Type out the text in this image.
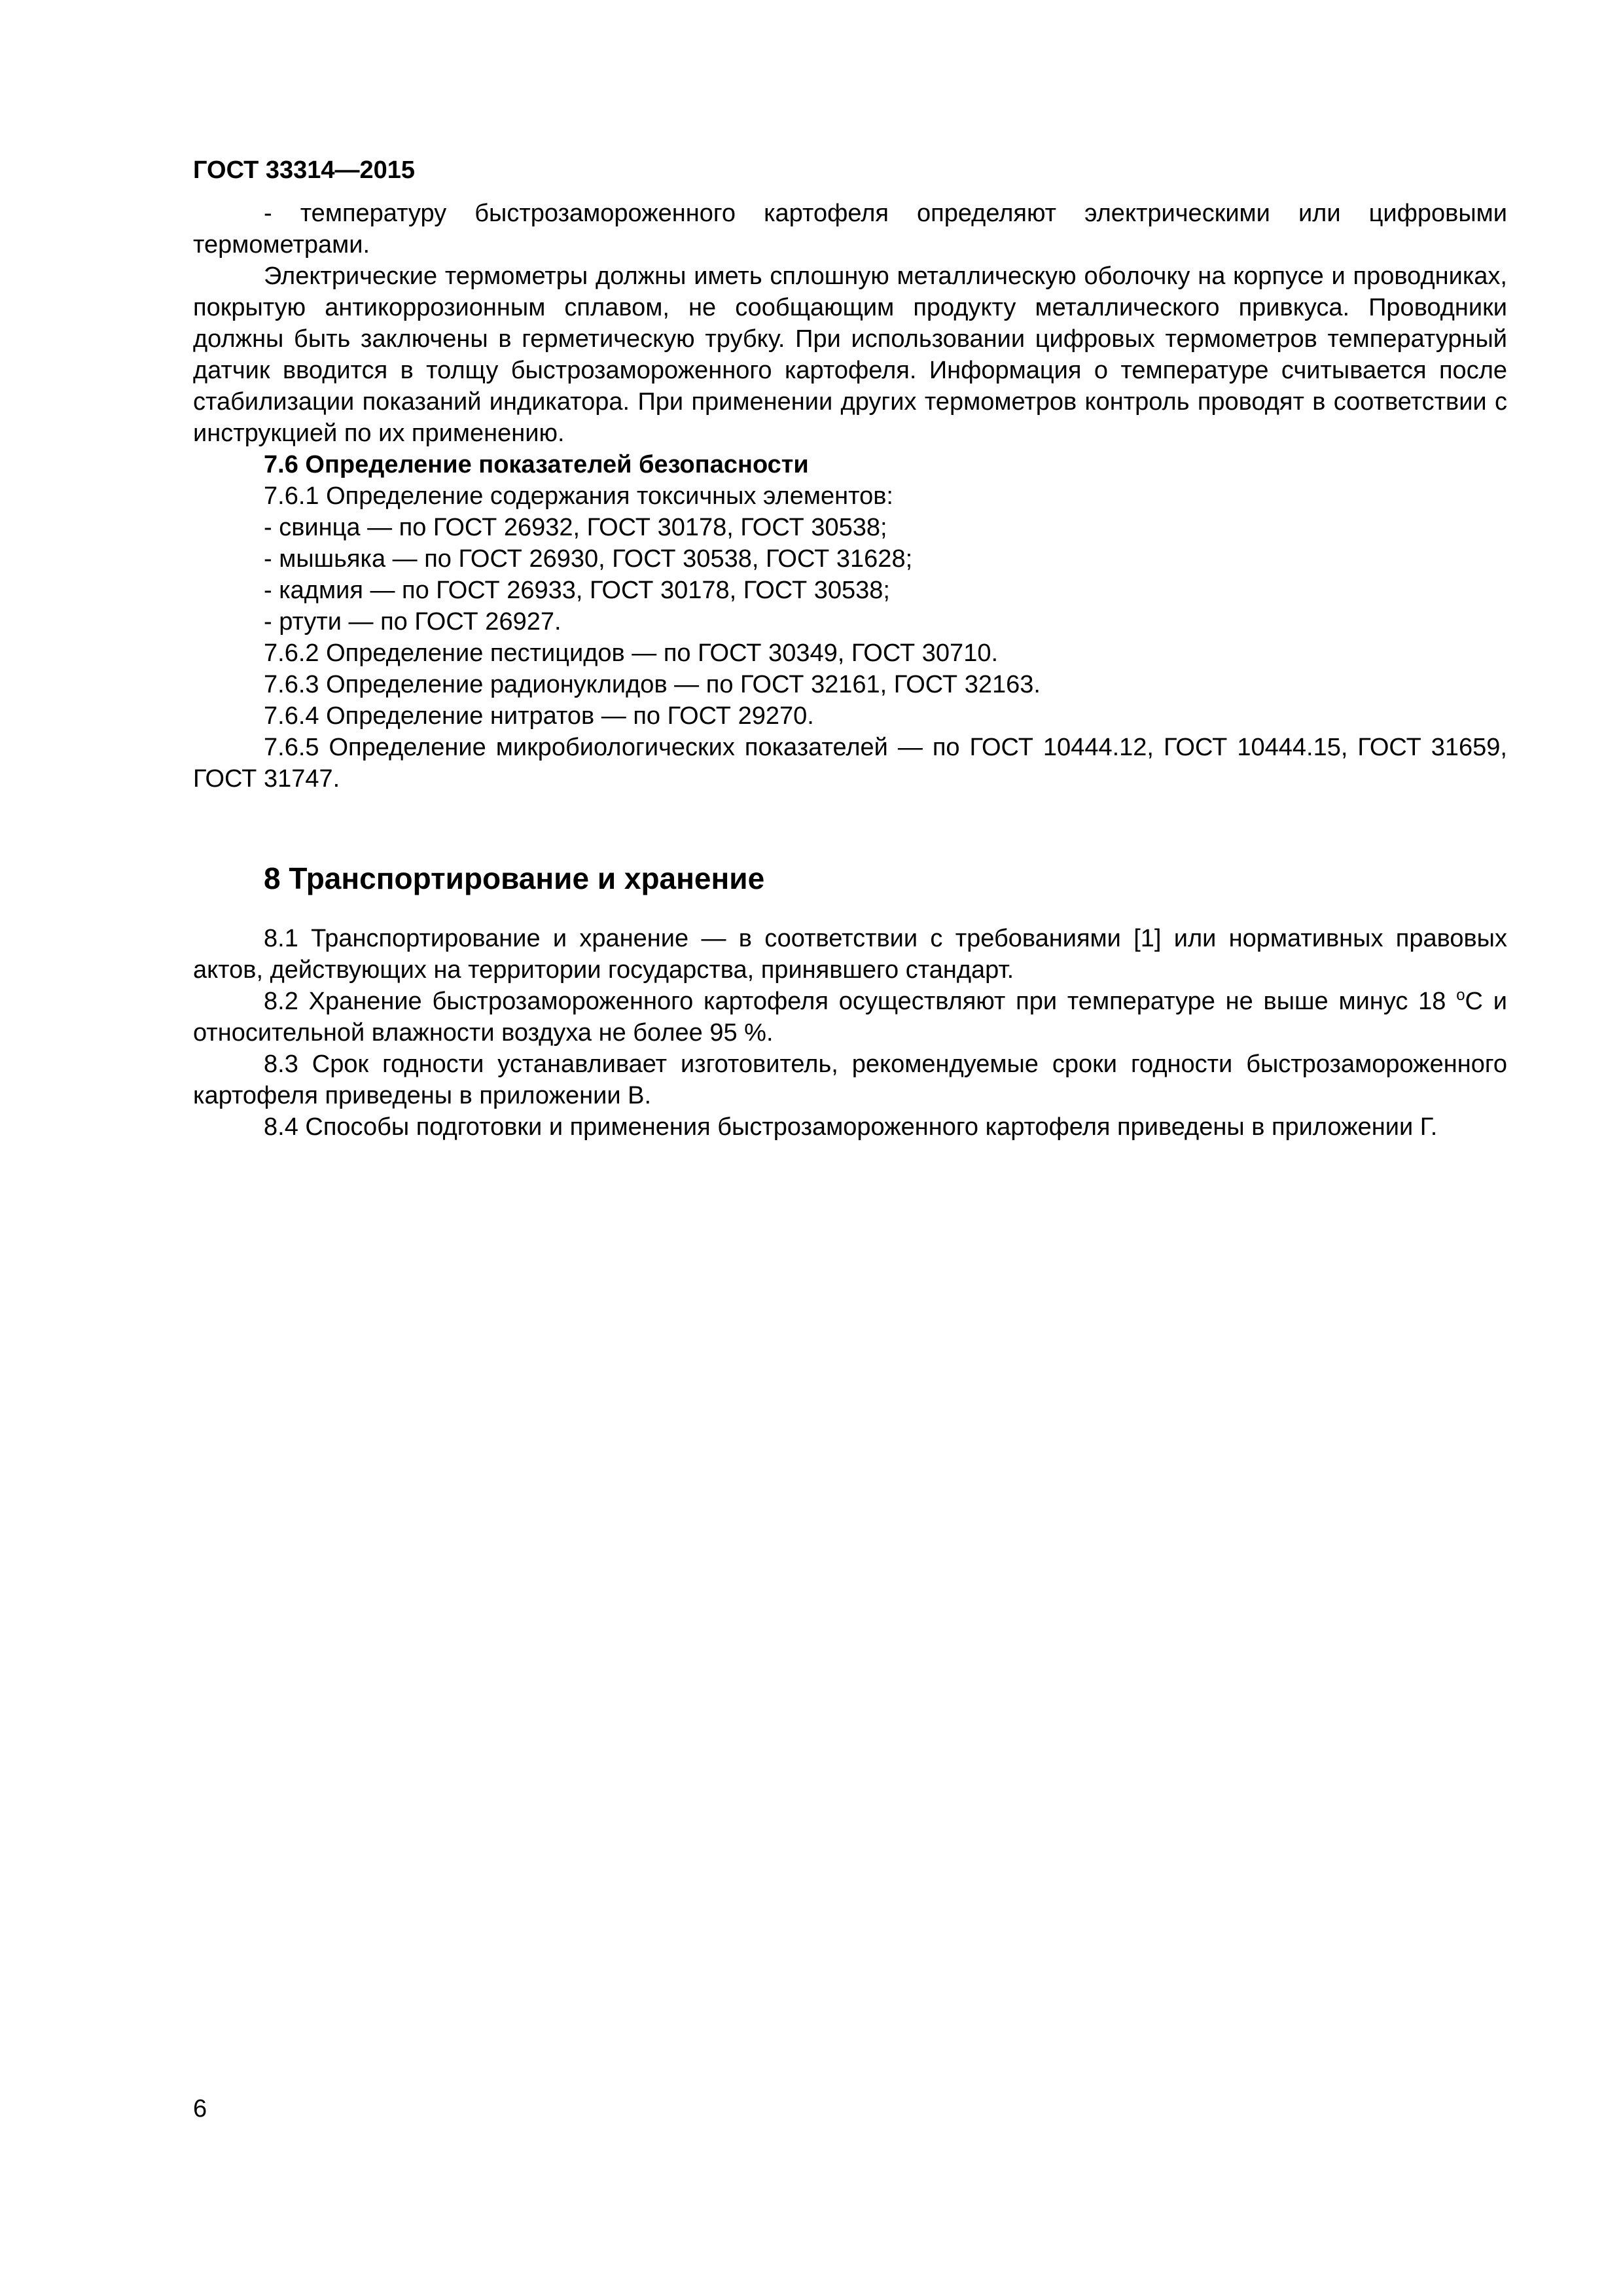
ГОСТ 33314—2015

- температуру быстрозамороженного картофеля определяют электрическими или цифровыми термометрами.

Электрические термометры должны иметь сплошную металлическую оболочку на корпусе и проводниках, покрытую антикоррозионным сплавом, не сообщающим продукту металлического привкуса. Проводники должны быть заключены в герметическую трубку. При использовании цифровых термометров температурный датчик вводится в толщу быстрозамороженного картофеля. Информация о температуре считывается после стабилизации показаний индикатора. При применении других термометров контроль проводят в соответствии с инструкцией по их применению.

7.6 Определение показателей безопасности
7.6.1 Определение содержания токсичных элементов:
- свинца — по ГОСТ 26932, ГОСТ 30178, ГОСТ 30538;
- мышьяка — по ГОСТ 26930, ГОСТ 30538, ГОСТ 31628;
- кадмия — по ГОСТ 26933, ГОСТ 30178, ГОСТ 30538;
- ртути — по ГОСТ 26927.
7.6.2 Определение пестицидов — по ГОСТ 30349, ГОСТ 30710.
7.6.3 Определение радионуклидов — по ГОСТ 32161, ГОСТ 32163.
7.6.4 Определение нитратов — по ГОСТ 29270.

7.6.5 Определение микробиологических показателей — по ГОСТ 10444.12, ГОСТ 10444.15, ГОСТ 31659, ГОСТ 31747.

8 Транспортирование и хранение

8.1 Транспортирование и хранение — в соответствии с требованиями [1] или нормативных правовых актов, действующих на территории государства, принявшего стандарт.

8.2 Хранение быстрозамороженного картофеля осуществляют при температуре не выше минус 18 $^о$С и относительной влажности воздуха не более 95 %.

8.3 Срок годности устанавливает изготовитель, рекомендуемые сроки годности быстрозамороженного картофеля приведены в приложении В.

8.4 Способы подготовки и применения быстрозамороженного картофеля приведены в приложении Г.

6
